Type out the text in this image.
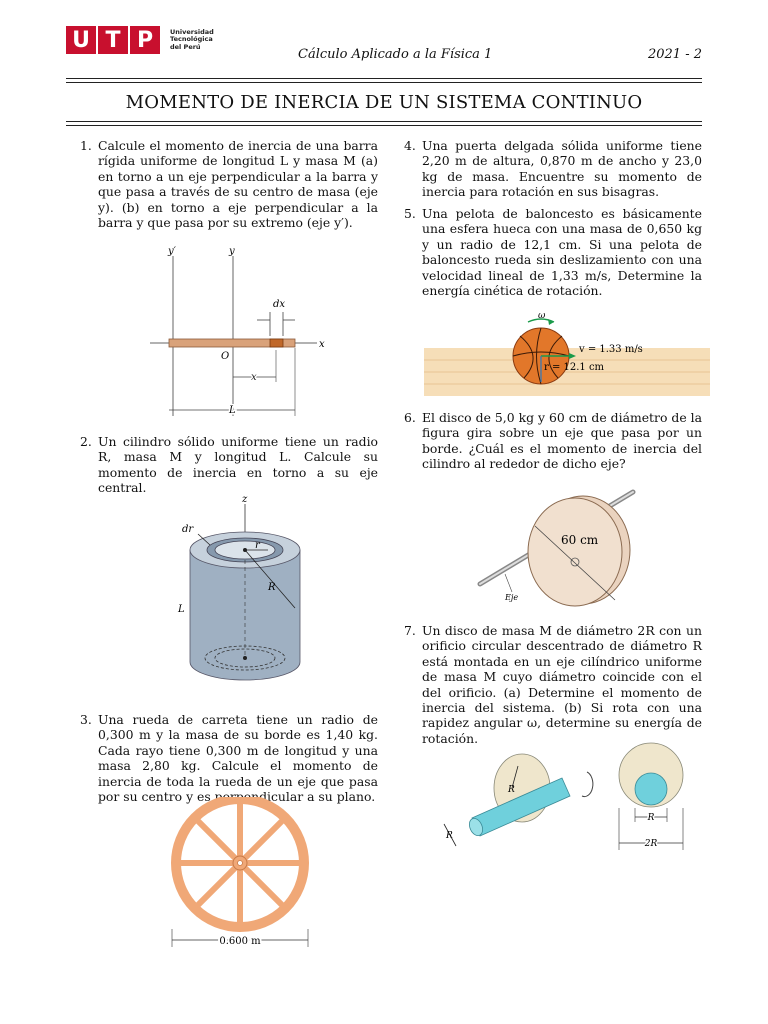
U T P	Universidad
Tecnológica
del Perú
Cálculo Aplicado a la Física 1	2021 - 2
MOMENTO DE INERCIA DE UN SISTEMA CONTINUO
1. Calcule el momento de inercia de una barra rígida uniforme de longitud L y masa M (a) en torno a un eje perpendicular a la barra y que pasa a través de su centro de masa (eje y). (b) en torno a eje perpendicular a la barra y que pasa por su extremo (eje y′).

dx
y′	y
x
O
x
L
2. Un cilindro sólido uniforme tiene un radio R, masa M y longitud L. Calcule su momento de inercia en torno a su eje central.

z
r
dr
R
L
3. Una rueda de carreta tiene un radio de 0,300 m y la masa de su borde es 1,40 kg. Cada rayo tiene 0,300 m de longitud y una masa 2,80 kg. Calcule el momento de inercia de toda la rueda de un eje que pasa por su centro y es perpendicular a su plano.

0.600 m
4. Una puerta delgada sólida uniforme tiene 2,20 m de altura, 0,870 m de ancho y 23,0 kg de masa. Encuentre su momento de inercia para rotación en sus bisagras.

5. Una pelota de baloncesto es básicamente una esfera hueca con una masa de 0,650 kg y un radio de 12,1 cm. Si una pelota de baloncesto rueda sin deslizamiento con una velocidad lineal de 1,33 m/s, Determine la energía cinética de rotación.

ω
v = 1.33 m/s
r = 12.1 cm
6. El disco de 5,0 kg y 60 cm de diámetro de la figura gira sobre un eje que pasa por un borde. ¿Cuál es el momento de inercia del cilindro al rededor de dicho eje?

60 cm
Eje
7. Un disco de masa M de diámetro 2R con un orificio circular descentrado de diámetro R está montada en un eje cilíndrico uniforme de masa M cuyo diámetro coincide con el del orificio. (a) Determine el momento de inercia del sistema. (b) Si rota con una rapidez angular ω, determine su energía de rotación.

R
R
R
2R
